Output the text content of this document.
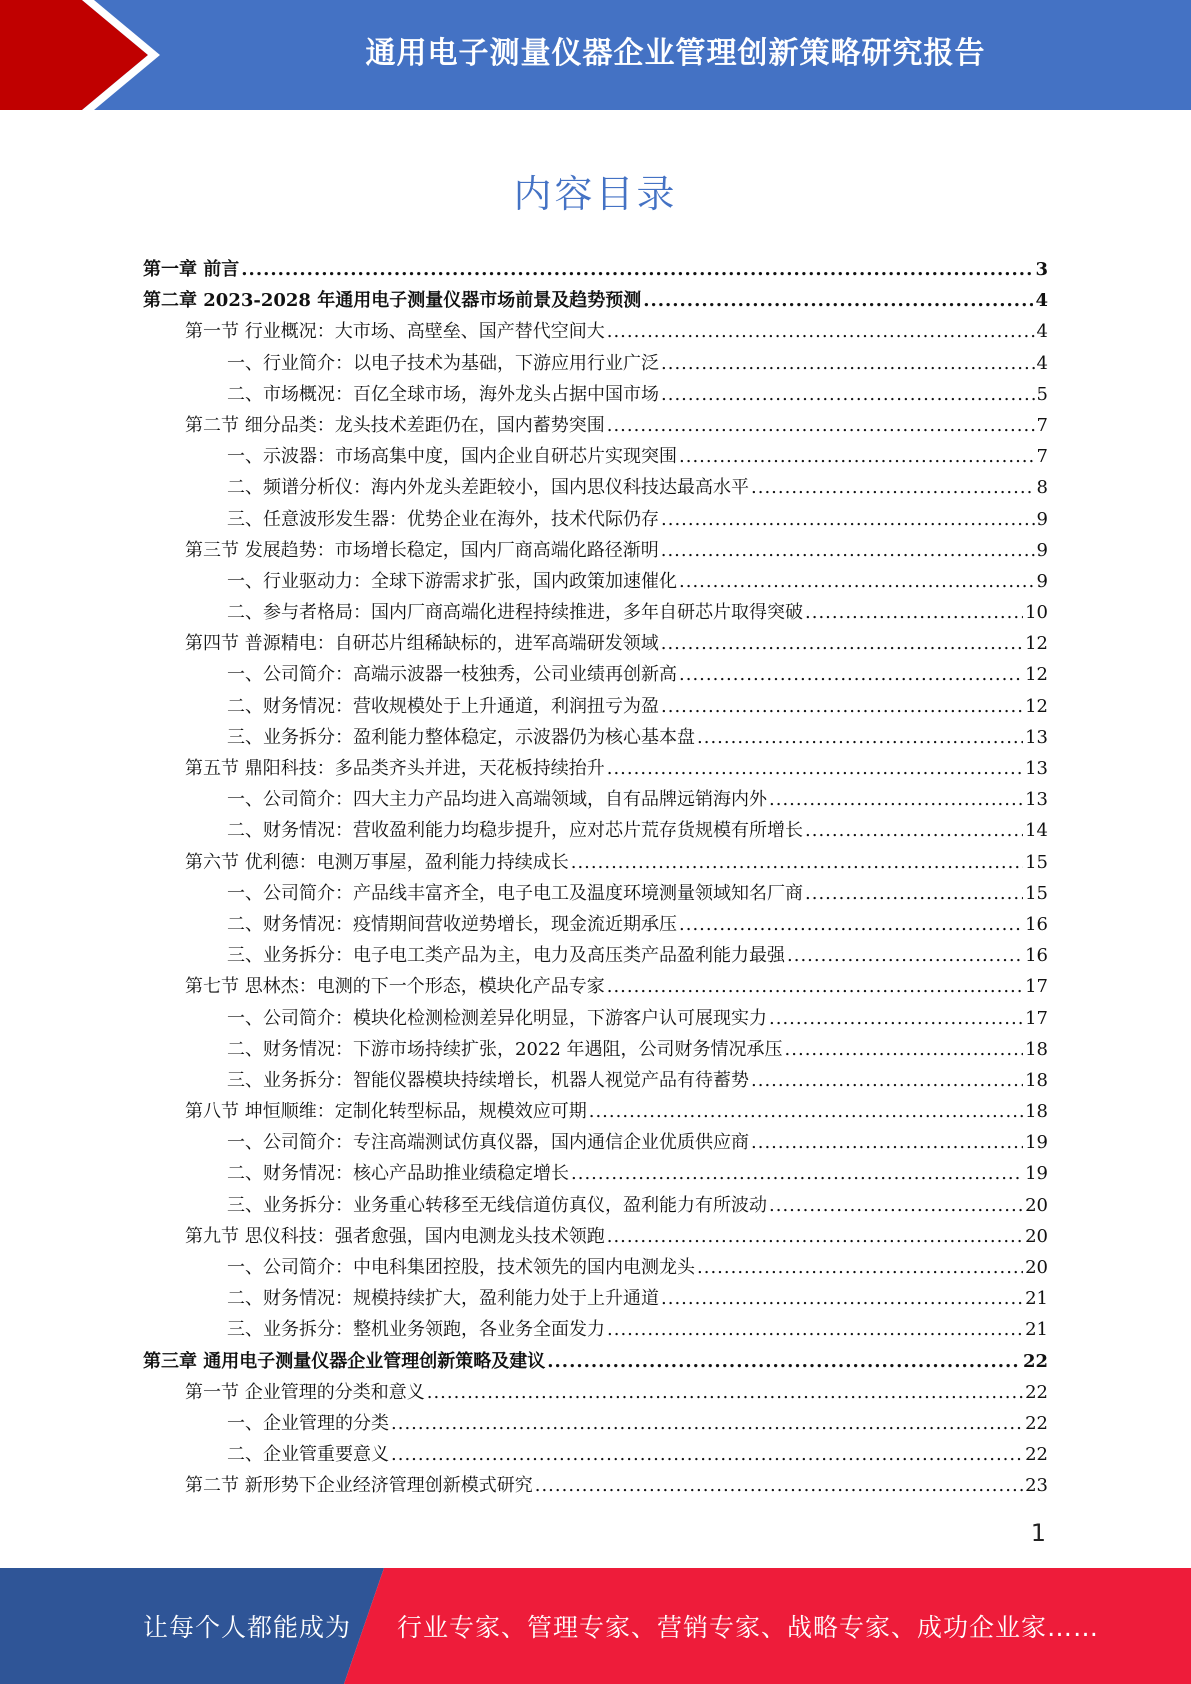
通用电子测量仪器企业管理创新策略研究报告
内容目录
第一章 前言 .....	3
第二章 2023-2028 年通用电子测量仪器市场前景及趋势预测 .....	4
第一节 行业概况：大市场、高壁垒、国产替代空间大 .....	4
一、行业简介：以电子技术为基础，下游应用行业广泛 .....	4
二、市场概况：百亿全球市场，海外龙头占据中国市场 .....	5
第二节 细分品类：龙头技术差距仍在，国内蓄势突围 .....	7
一、示波器：市场高集中度，国内企业自研芯片实现突围 .....	7
二、频谱分析仪：海内外龙头差距较小，国内思仪科技达最高水平 .....	8
三、任意波形发生器：优势企业在海外，技术代际仍存 .....	9
第三节 发展趋势：市场增长稳定，国内厂商高端化路径渐明 .....	9
一、行业驱动力：全球下游需求扩张，国内政策加速催化 .....	9
二、参与者格局：国内厂商高端化进程持续推进，多年自研芯片取得突破 .....	10
第四节 普源精电：自研芯片组稀缺标的，进军高端研发领域 .....	12
一、公司简介：高端示波器一枝独秀，公司业绩再创新高 .....	12
二、财务情况：营收规模处于上升通道，利润扭亏为盈 .....	12
三、业务拆分：盈利能力整体稳定，示波器仍为核心基本盘 .....	13
第五节 鼎阳科技：多品类齐头并进，天花板持续抬升 .....	13
一、公司简介：四大主力产品均进入高端领域，自有品牌远销海内外 .....	13
二、财务情况：营收盈利能力均稳步提升，应对芯片荒存货规模有所增长 .....	14
第六节 优利德：电测万事屋，盈利能力持续成长 .....	15
一、公司简介：产品线丰富齐全，电子电工及温度环境测量领域知名厂商 .....	15
二、财务情况：疫情期间营收逆势增长，现金流近期承压 .....	16
三、业务拆分：电子电工类产品为主，电力及高压类产品盈利能力最强 .....	16
第七节 思林杰：电测的下一个形态，模块化产品专家 .....	17
一、公司简介：模块化检测检测差异化明显，下游客户认可展现实力 .....	17
二、财务情况：下游市场持续扩张，2022 年遇阻，公司财务情况承压 .....	18
三、业务拆分：智能仪器模块持续增长，机器人视觉产品有待蓄势 .....	18
第八节 坤恒顺维：定制化转型标品，规模效应可期 .....	18
一、公司简介：专注高端测试仿真仪器，国内通信企业优质供应商 .....	19
二、财务情况：核心产品助推业绩稳定增长 .....	19
三、业务拆分：业务重心转移至无线信道仿真仪，盈利能力有所波动 .....	20
第九节 思仪科技：强者愈强，国内电测龙头技术领跑 .....	20
一、公司简介：中电科集团控股，技术领先的国内电测龙头 .....	20
二、财务情况：规模持续扩大，盈利能力处于上升通道 .....	21
三、业务拆分：整机业务领跑，各业务全面发力 .....	21
第三章 通用电子测量仪器企业管理创新策略及建议 .....	22
第一节 企业管理的分类和意义 .....	22
一、企业管理的分类 .....	22
二、企业管重要意义 .....	22
第二节 新形势下企业经济管理创新模式研究 .....	23
1
让每个人都能成为 行业专家、管理专家、营销专家、战略专家、成功企业家……
